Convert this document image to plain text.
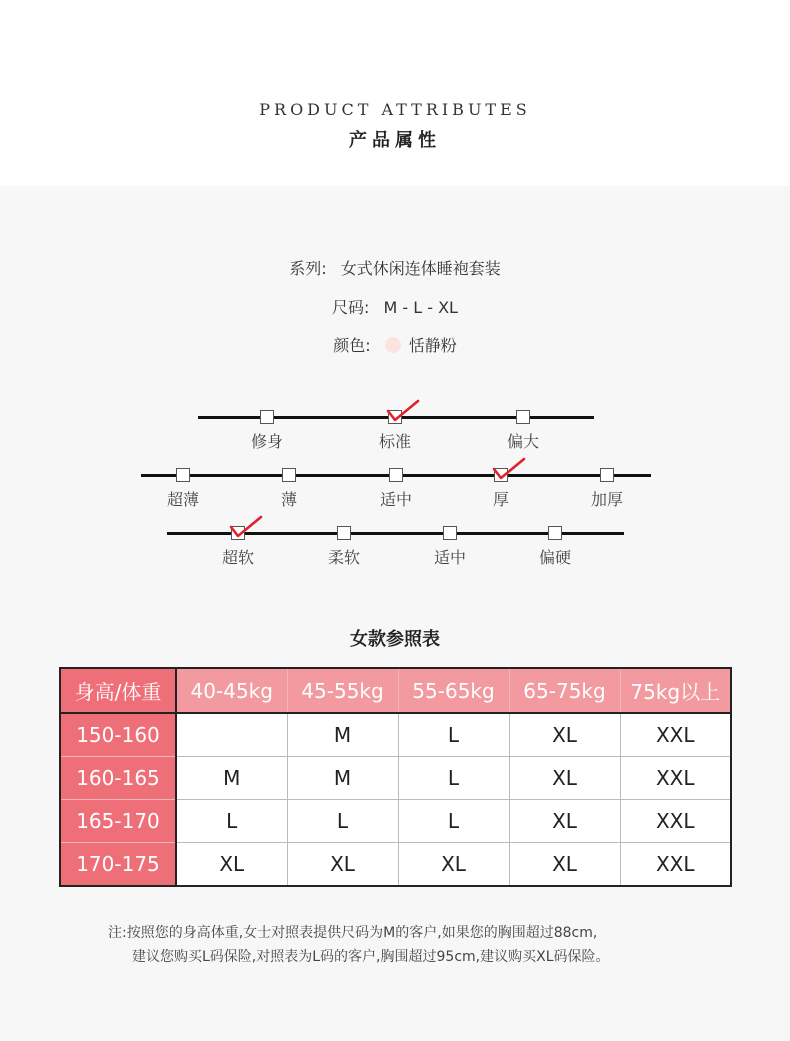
PRODUCT ATTRIBUTES
产品属性
系列: 女式休闲连体睡袍套装
尺码: M - L - XL
颜色: 恬静粉
修身	标准	偏大
超薄	薄	适中	厚	加厚
超软	柔软	适中	偏硬
女款参照表
身高/体重	40-45kg	45-55kg	55-65kg	65-75kg	75kg以上
150-160		M	L	XL	XXL
160-165	M	M	L	XL	XXL
165-170	L	L	L	XL	XXL
170-175	XL	XL	XL	XL	XXL
注:按照您的身高体重,女士对照表提供尺码为M的客户,如果您的胸围超过88cm,
建议您购买L码保险,对照表为L码的客户,胸围超过95cm,建议购买XL码保险。
